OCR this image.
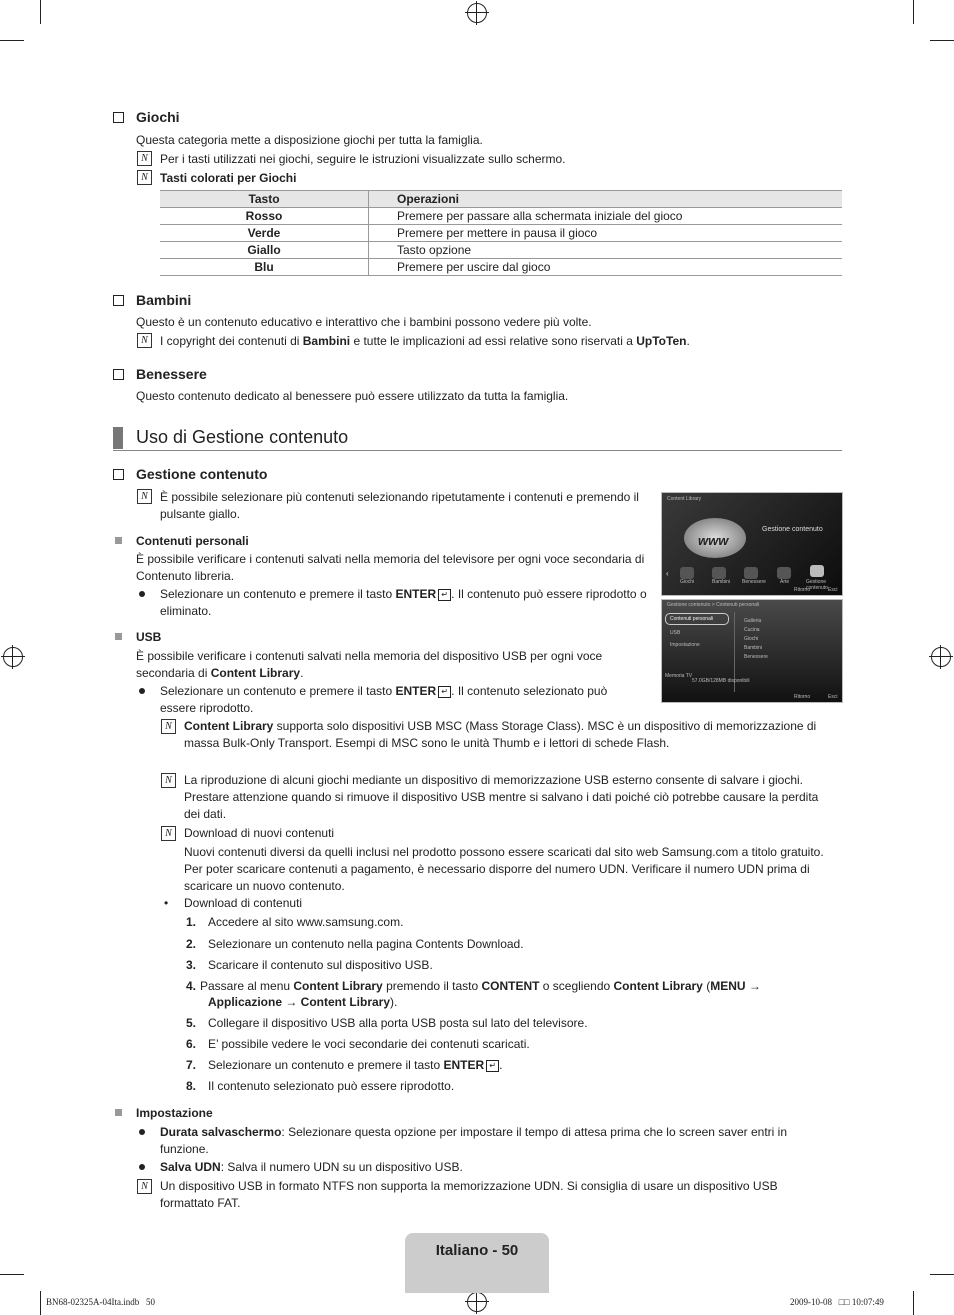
Giochi
Questa categoria mette a disposizione giochi per tutta la famiglia.
N	Per i tasti utilizzati nei giochi, seguire le istruzioni visualizzate sullo schermo.
N	Tasti colorati per Giochi
Tasto	Operazioni
Rosso	Premere per passare alla schermata iniziale del gioco
Verde	Premere per mettere in pausa il gioco
Giallo	Tasto opzione
Blu	Premere per uscire dal gioco
Bambini
Questo è un contenuto educativo e interattivo che i bambini possono vedere più volte.
N	I copyright dei contenuti di Bambini e tutte le implicazioni ad essi relative sono riservati a UpToTen.
Benessere
Questo contenuto dedicato al benessere può essere utilizzato da tutta la famiglia.
Uso di Gestione contenuto
Gestione contenuto
N	È possibile selezionare più contenuti selezionando ripetutamente i contenuti e premendo il pulsante giallo.
Contenuti personali
È possibile verificare i contenuti salvati nella memoria del televisore per ogni voce secondaria di Contenuto libreria.
Selezionare un contenuto e premere il tasto ENTER ↵ . Il contenuto può essere riprodotto o eliminato.
USB
È possibile verificare i contenuti salvati nella memoria del dispositivo USB per ogni voce secondaria di Content Library.
Selezionare un contenuto e premere il tasto ENTER ↵ . Il contenuto selezionato può essere riprodotto.
N	Content Library supporta solo dispositivi USB MSC (Mass Storage Class). MSC è un dispositivo di memorizzazione di massa Bulk-Only Transport. Esempi di MSC sono le unità Thumb e i lettori di schede Flash.
N	La riproduzione di alcuni giochi mediante un dispositivo di memorizzazione USB esterno consente di salvare i giochi. Prestare attenzione quando si rimuove il dispositivo USB mentre si salvano i dati poiché ciò potrebbe causare la perdita dei dati.
N	Download di nuovi contenuti
Nuovi contenuti diversi da quelli inclusi nel prodotto possono essere scaricati dal sito web Samsung.com a titolo gratuito. Per poter scaricare contenuti a pagamento, è necessario disporre del numero UDN. Verificare il numero UDN prima di scaricare un nuovo contenuto.
• Download di contenuti
1. Accedere al sito www.samsung.com.
2. Selezionare un contenuto nella pagina Contents Download.
3. Scaricare il contenuto sul dispositivo USB.
4. Passare al menu Content Library premendo il tasto CONTENT o scegliendo Content Library (MENU →
Applicazione → Content Library).
5. Collegare il dispositivo USB alla porta USB posta sul lato del televisore.
6. E’ possibile vedere le voci secondarie dei contenuti scaricati.
7. Selezionare un contenuto e premere il tasto ENTER ↵ .
8. Il contenuto selezionato può essere riprodotto.
Impostazione
Durata salvaschermo: Selezionare questa opzione per impostare il tempo di attesa prima che lo screen saver entri in funzione.
Salva UDN: Salva il numero UDN su un dispositivo USB.
N	Un dispositivo USB in formato NTFS non supporta la memorizzazione UDN. Si consiglia di usare un dispositivo USB formattato FAT.
Content Library
www
Gestione contenuto
‹
Giochi	Bambini Benessere	Arte	Gestione contenuto
Ritorno	Esci
Gestione contenuto > Contenuti personali
Contenuti personali
USB
Impostazione
Galleria
Cucina
Giochi
Bambini
Benessere
Memoria TV
57.0GB/128MB disponibili
Ritorno	Esci
Italiano - 50
BN68-02325A-04Ita.indb   50	2009-10-08   □□ 10:07:49
